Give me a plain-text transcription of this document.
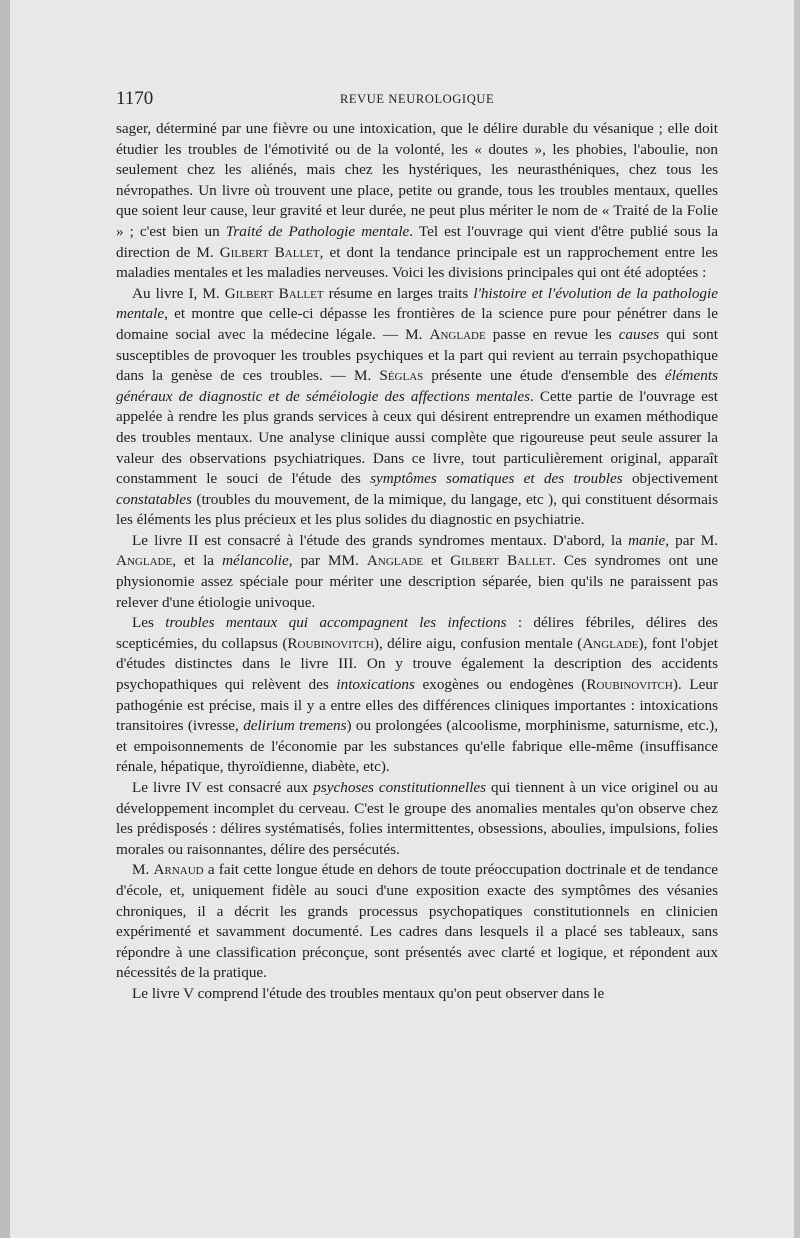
1170	REVUE NEUROLOGIQUE

sager, déterminé par une fièvre ou une intoxication, que le délire durable du vésanique ; elle doit étudier les troubles de l'émotivité ou de la volonté, les « doutes », les phobies, l'aboulie, non seulement chez les aliénés, mais chez les hystériques, les neurasthéniques, chez tous les névropathes. Un livre où trouvent une place, petite ou grande, tous les troubles mentaux, quelles que soient leur cause, leur gravité et leur durée, ne peut plus mériter le nom de « Traité de la Folie » ; c'est bien un Traité de Pathologie mentale. Tel est l'ouvrage qui vient d'être publié sous la direction de M. Gilbert Ballet, et dont la tendance principale est un rapprochement entre les maladies mentales et les maladies nerveuses. Voici les divisions principales qui ont été adoptées :

Au livre I, M. Gilbert Ballet résume en larges traits l'histoire et l'évolution de la pathologie mentale, et montre que celle-ci dépasse les frontières de la science pure pour pénétrer dans le domaine social avec la médecine légale. — M. Anglade passe en revue les causes qui sont susceptibles de provoquer les troubles psychiques et la part qui revient au terrain psychopathique dans la genèse de ces troubles. — M. Séglas présente une étude d'ensemble des éléments généraux de diagnostic et de séméiologie des affections mentales. Cette partie de l'ouvrage est appelée à rendre les plus grands services à ceux qui désirent entreprendre un examen méthodique des troubles mentaux. Une analyse clinique aussi complète que rigoureuse peut seule assurer la valeur des observations psychiatriques. Dans ce livre, tout particulièrement original, apparaît constamment le souci de l'étude des symptômes somatiques et des troubles objectivement constatables (troubles du mouvement, de la mimique, du langage, etc ), qui constituent désormais les éléments les plus précieux et les plus solides du diagnostic en psychiatrie.

Le livre II est consacré à l'étude des grands syndromes mentaux. D'abord, la manie, par M. Anglade, et la mélancolie, par MM. Anglade et Gilbert Ballet. Ces syndromes ont une physionomie assez spéciale pour mériter une description séparée, bien qu'ils ne paraissent pas relever d'une étiologie univoque.

Les troubles mentaux qui accompagnent les infections : délires fébriles, délires des scepticémies, du collapsus (Roubinovitch), délire aigu, confusion mentale (Anglade), font l'objet d'études distinctes dans le livre III. On y trouve également la description des accidents psychopathiques qui relèvent des intoxications exogènes ou endogènes (Roubinovitch). Leur pathogénie est précise, mais il y a entre elles des différences cliniques importantes : intoxications transitoires (ivresse, delirium tremens) ou prolongées (alcoolisme, morphinisme, saturnisme, etc.), et empoisonnements de l'économie par les substances qu'elle fabrique elle-même (insuffisance rénale, hépatique, thyroïdienne, diabète, etc).

Le livre IV est consacré aux psychoses constitutionnelles qui tiennent à un vice originel ou au développement incomplet du cerveau. C'est le groupe des anomalies mentales qu'on observe chez les prédisposés : délires systématisés, folies intermittentes, obsessions, aboulies, impulsions, folies morales ou raisonnantes, délire des persécutés.

M. Arnaud a fait cette longue étude en dehors de toute préoccupation doctrinale et de tendance d'école, et, uniquement fidèle au souci d'une exposition exacte des symptômes des vésanies chroniques, il a décrit les grands processus psychopatiques constitutionnels en clinicien expérimenté et savamment documenté. Les cadres dans lesquels il a placé ses tableaux, sans répondre à une classification préconçue, sont présentés avec clarté et logique, et répondent aux nécessités de la pratique.

Le livre V comprend l'étude des troubles mentaux qu'on peut observer dans le
